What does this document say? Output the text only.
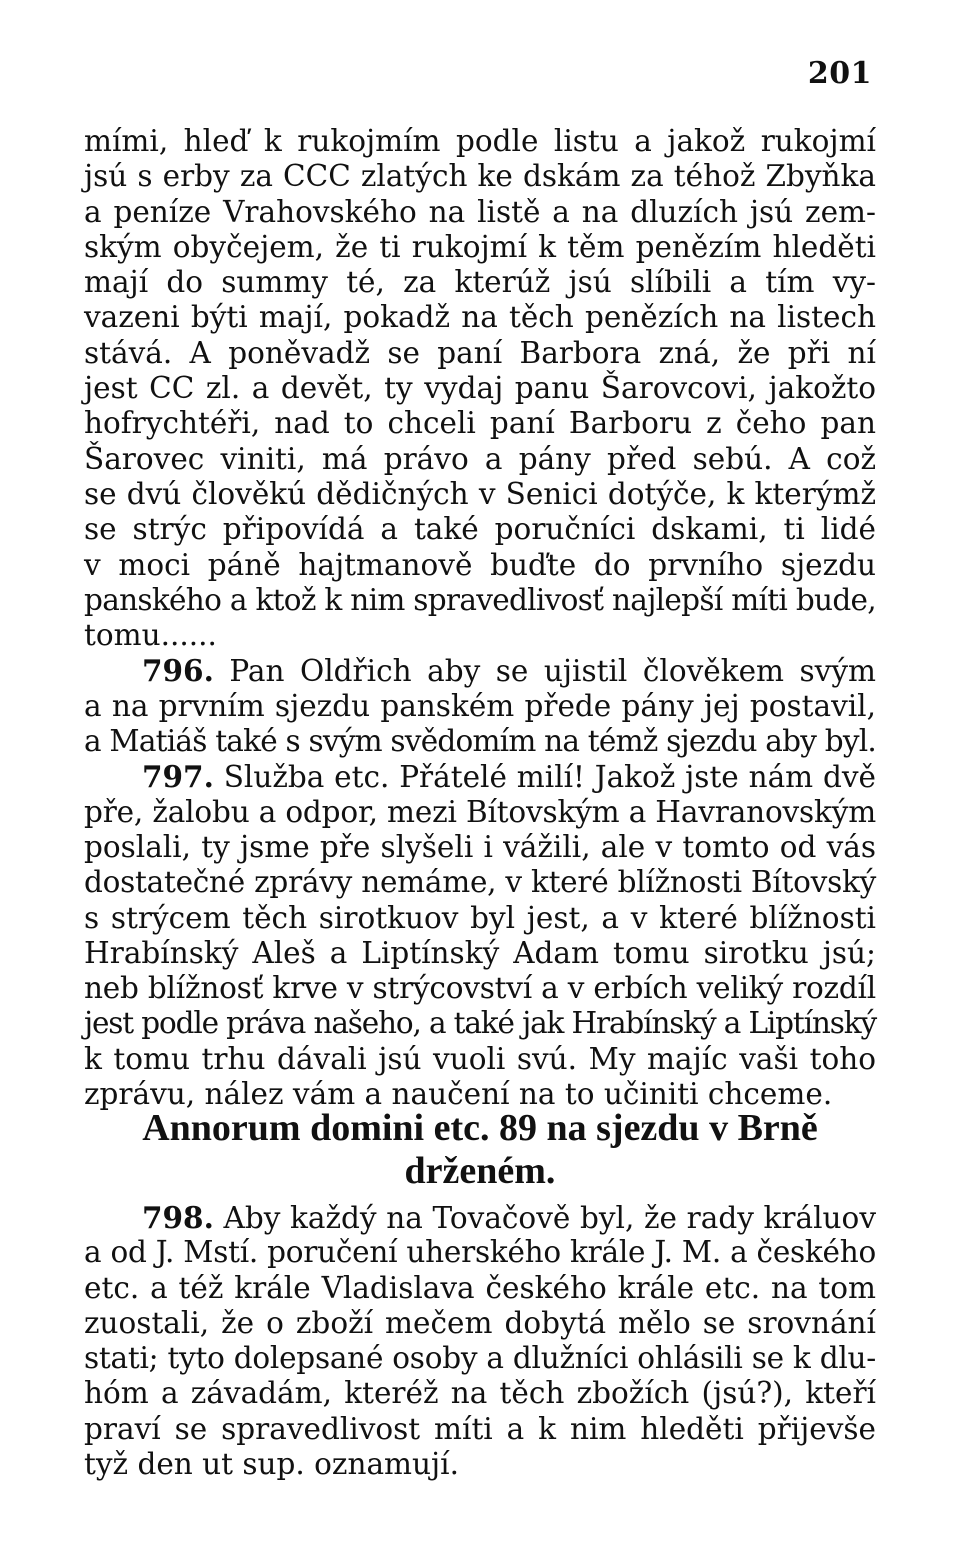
201
mími, hleď k rukojmím podle listu a jakož rukojmí
jsú s erby za CCC zlatých ke dskám za téhož Zbyňka
a peníze Vrahovského na listě a na dluzích jsú zem-
ským obyčejem, že ti rukojmí k těm penězím hleděti
mají do summy té, za kterúž jsú slíbili a tím vy-
vazeni býti mají, pokadž na těch penězích na listech
stává. A poněvadž se paní Barbora zná, že při ní
jest CC zl. a devět, ty vydaj panu Šarovcovi, jakožto
hofrychtéři, nad to chceli paní Barboru z čeho pan
Šarovec viniti, má právo a pány před sebú. A což
se dvú člověkú dědičných v Senici dotýče, k kterýmž
se strýc připovídá a také poručníci dskami, ti lidé
v moci páně hajtmanově buďte do prvního sjezdu
panského a ktož k nim spravedlivosť najlepší míti bude,
tomu......
796. Pan Oldřich aby se ujistil člověkem svým
a na prvním sjezdu panském přede pány jej postavil,
a Matiáš také s svým svědomím na témž sjezdu aby byl.
797. Služba etc. Přátelé milí! Jakož jste nám dvě
pře, žalobu a odpor, mezi Bítovským a Havranovským
poslali, ty jsme pře slyšeli i vážili, ale v tomto od vás
dostatečné zprávy nemáme, v které blížnosti Bítovský
s strýcem těch sirotkuov byl jest, a v které blížnosti
Hrabínský Aleš a Liptínský Adam tomu sirotku jsú;
neb blížnosť krve v strýcovství a v erbích veliký rozdíl
jest podle práva našeho, a také jak Hrabínský a Liptínský
k tomu trhu dávali jsú vuoli svú. My majíc vaši toho
zprávu, nález vám a naučení na to učiniti chceme.
Annorum domini etc. 89 na sjezdu v Brně
drženém.
798. Aby každý na Tovačově byl, že rady králuov
a od J. Mstí. poručení uherského krále J. M. a českého
etc. a též krále Vladislava českého krále etc. na tom
zuostali, že o zboží mečem dobytá mělo se srovnání
stati; tyto dolepsané osoby a dlužníci ohlásili se k dlu-
hóm a závadám, kteréž na těch zbožích (jsú?), kteří
praví se spravedlivost míti a k nim hleděti přijevše
tyž den ut sup. oznamují.
